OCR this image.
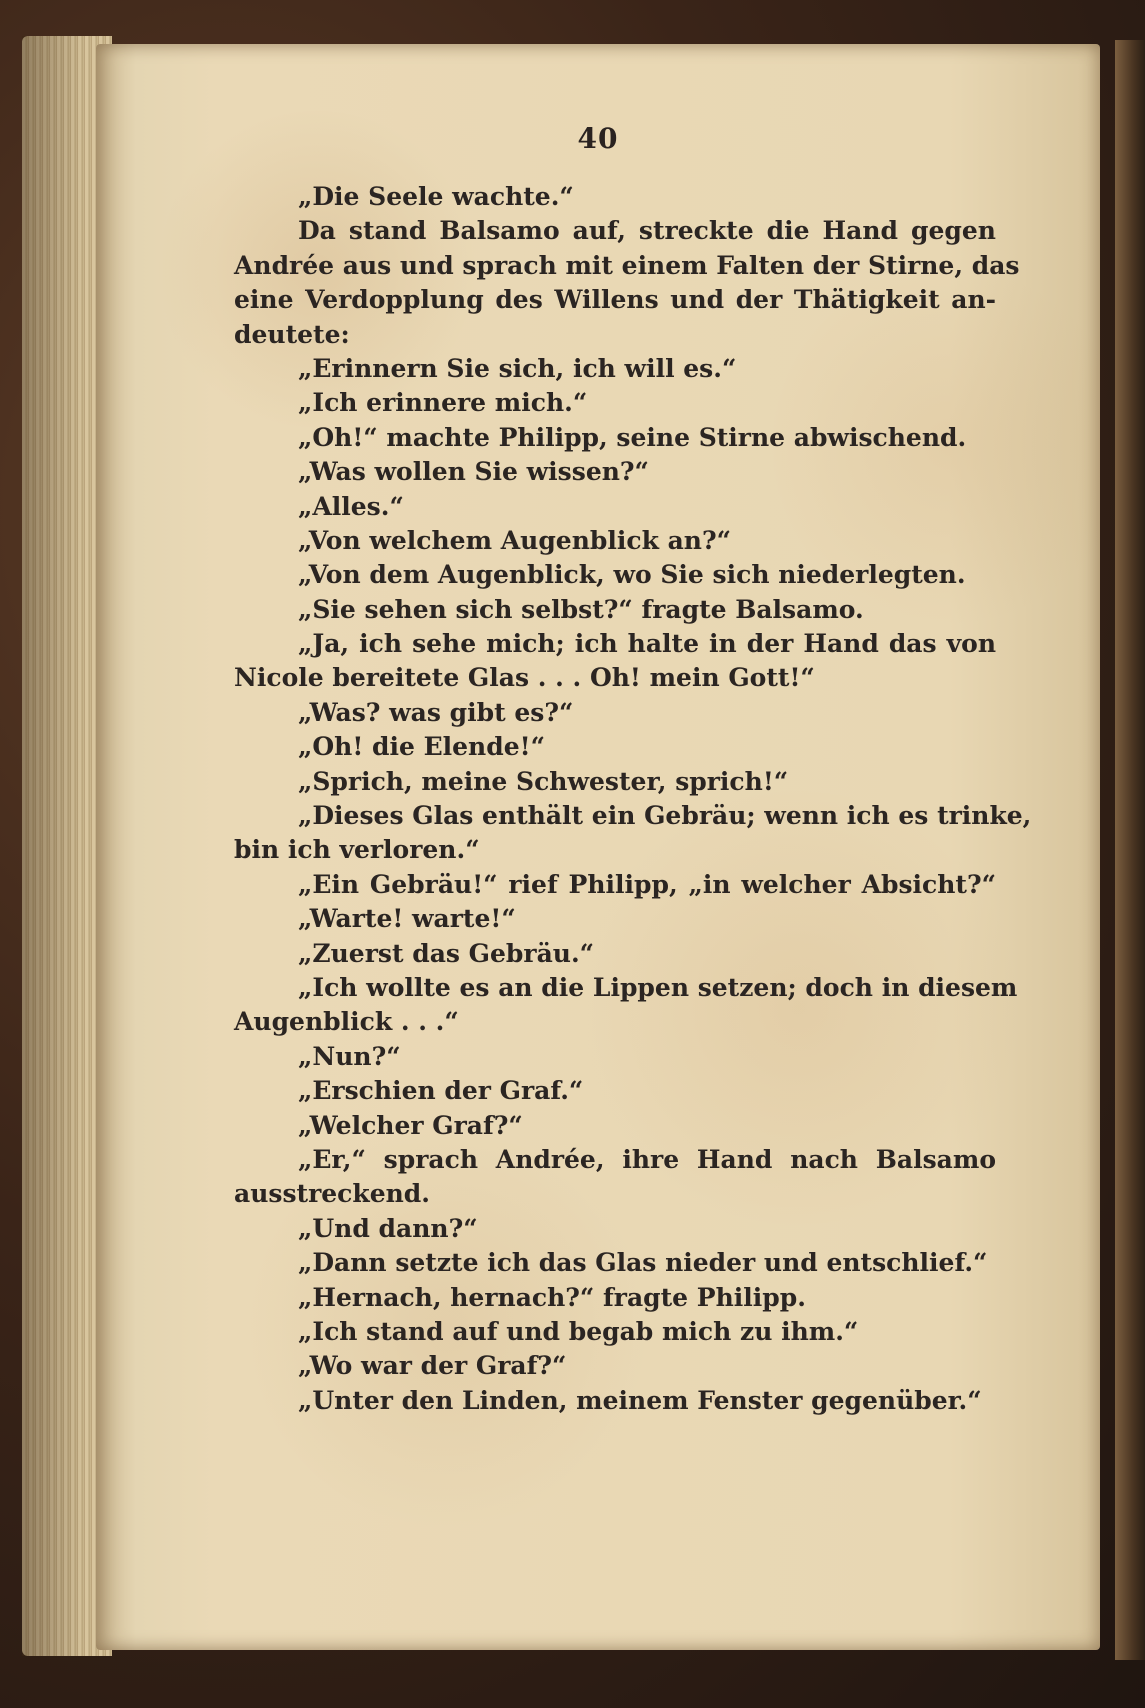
40
„Die Seele wachte.“
Da stand Balsamo auf, streckte die Hand gegen
Andrée aus und sprach mit einem Falten der Stirne, das
eine Verdopplung des Willens und der Thätigkeit an-
deutete:
„Erinnern Sie sich, ich will es.“
„Ich erinnere mich.“
„Oh!“ machte Philipp, seine Stirne abwischend.
„Was wollen Sie wissen?“
„Alles.“
„Von welchem Augenblick an?“
„Von dem Augenblick, wo Sie sich niederlegten.
„Sie sehen sich selbst?“ fragte Balsamo.
„Ja, ich sehe mich; ich halte in der Hand das von
Nicole bereitete Glas . . . Oh! mein Gott!“
„Was? was gibt es?“
„Oh! die Elende!“
„Sprich, meine Schwester, sprich!“
„Dieses Glas enthält ein Gebräu; wenn ich es trinke,
bin ich verloren.“
„Ein Gebräu!“ rief Philipp, „in welcher Absicht?“
„Warte! warte!“
„Zuerst das Gebräu.“
„Ich wollte es an die Lippen setzen; doch in diesem
Augenblick . . .“
„Nun?“
„Erschien der Graf.“
„Welcher Graf?“
„Er,“ sprach Andrée, ihre Hand nach Balsamo
ausstreckend.
„Und dann?“
„Dann setzte ich das Glas nieder und entschlief.“
„Hernach, hernach?“ fragte Philipp.
„Ich stand auf und begab mich zu ihm.“
„Wo war der Graf?“
„Unter den Linden, meinem Fenster gegenüber.“
